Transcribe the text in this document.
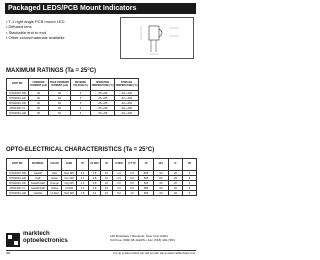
Packaged LEDS/PCB Mount Indicators
• T-1 right angle PCB mount LED
• Diffused lens
• Stackable end to end
• Other colors/materials available
MAXIMUM RATINGS (Ta = 25°C)
PART NO.	FORWARD CURRENT (mA)	PEAK FORWARD CURRENT (mA)	REVERSE VOLTAGE (V)	OPERATING TEMPERATURE (°C)	STORAGE TEMPERATURE (°C)
MTH160C-RD	30	60	5	-25~+85	-40~+100
MTH160C-GR	30	60	5	-25~+85	-40~+100
MTH160C-OR	30	60	5	-25~+85	-40~+100
MTH160C-YL	30	60	5	-25~+85	-40~+100
MTH160C-HR	30	60	5	-25~+85	-40~+100
OPTO-ELECTRICAL CHARACTERISTICS (Ta = 25°C)
PART NO.	MATERIAL	COLOR	LENS	VF	VF MAX	IR	IV MIN	IV TYP	λP	2θ½	IF	VR
MTH160C-RD	GaAsP	Red	Red Diff	2.0	2.8	10	1.0	2.5	655	60	20	5
MTH160C-GR	GaP	Green	Grn Diff	2.1	2.8	10	2.0	5.0	565	60	20	5
MTH160C-OR	GaAsP/GaP	Orange	Org Diff	2.0	2.8	10	2.0	5.0	635	60	20	5
MTH160C-YL	GaAsP/GaP	Yellow	Yel Diff	2.1	2.8	10	2.0	5.0	585	60	20	5
MTH160C-HR	GaAlAs	Hi Red	Red Diff	1.8	2.4	10	5.0	10	660	60	20	5
marktech
optoelectronics
120 Broadway • Menands, New York 12204
Toll Free: (800) 98-4LEDS • Fax: (518) 432-7454
382	For up to date product info visit our web site at www.marktechopto.com
